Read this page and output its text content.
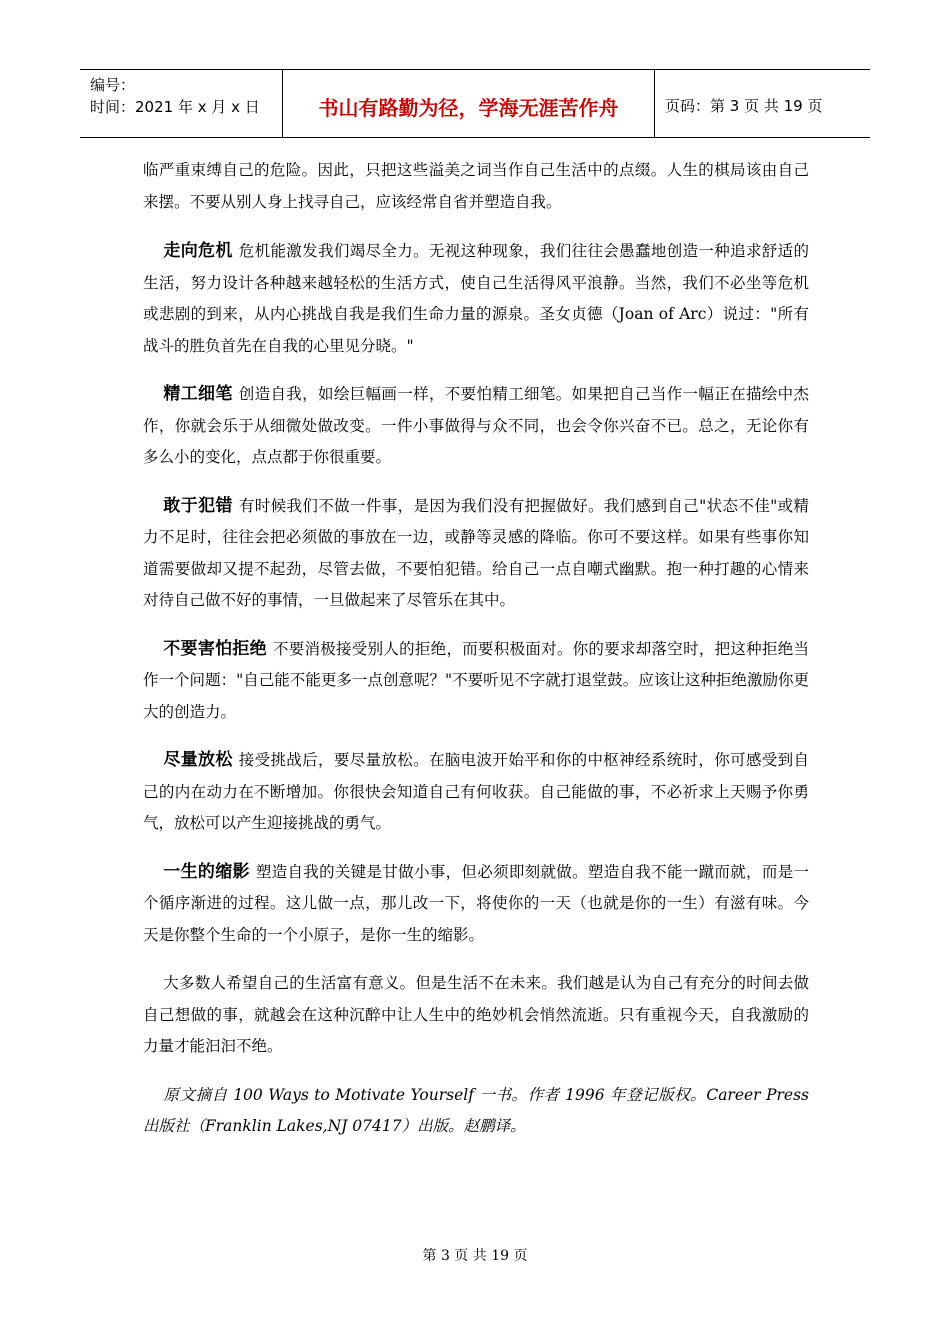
编号：
时间：2021 年 x 月 x 日	书山有路勤为径，学海无涯苦作舟	页码：第 3 页 共 19 页

临严重束缚自己的危险。因此，只把这些溢美之词当作自己生活中的点缀。人生的棋局该由自己来摆。不要从别人身上找寻自己，应该经常自省并塑造自我。

走向危机 危机能激发我们竭尽全力。无视这种现象，我们往往会愚蠢地创造一种追求舒适的生活，努力设计各种越来越轻松的生活方式，使自己生活得风平浪静。当然，我们不必坐等危机或悲剧的到来，从内心挑战自我是我们生命力量的源泉。圣女贞德（Joan of Arc）说过："所有战斗的胜负首先在自我的心里见分晓。"

精工细笔 创造自我，如绘巨幅画一样，不要怕精工细笔。如果把自己当作一幅正在描绘中杰作，你就会乐于从细微处做改变。一件小事做得与众不同，也会令你兴奋不已。总之，无论你有多么小的变化，点点都于你很重要。

敢于犯错 有时候我们不做一件事，是因为我们没有把握做好。我们感到自己"状态不佳"或精力不足时，往往会把必须做的事放在一边，或静等灵感的降临。你可不要这样。如果有些事你知道需要做却又提不起劲，尽管去做，不要怕犯错。给自己一点自嘲式幽默。抱一种打趣的心情来对待自己做不好的事情，一旦做起来了尽管乐在其中。

不要害怕拒绝 不要消极接受别人的拒绝，而要积极面对。你的要求却落空时，把这种拒绝当作一个问题："自己能不能更多一点创意呢？"不要听见不字就打退堂鼓。应该让这种拒绝激励你更大的创造力。

尽量放松 接受挑战后，要尽量放松。在脑电波开始平和你的中枢神经系统时，你可感受到自己的内在动力在不断增加。你很快会知道自己有何收获。自己能做的事，不必祈求上天赐予你勇气，放松可以产生迎接挑战的勇气。

一生的缩影 塑造自我的关键是甘做小事，但必须即刻就做。塑造自我不能一蹴而就，而是一个循序渐进的过程。这儿做一点，那儿改一下，将使你的一天（也就是你的一生）有滋有味。今天是你整个生命的一个小原子，是你一生的缩影。

大多数人希望自己的生活富有意义。但是生活不在未来。我们越是认为自己有充分的时间去做自己想做的事，就越会在这种沉醉中让人生中的绝妙机会悄然流逝。只有重视今天，自我激励的力量才能汩汩不绝。

原文摘自 100 Ways to Motivate Yourself 一书。作者 1996 年登记版权。Career Press 出版社（Franklin Lakes,NJ 07417）出版。赵鹏译。

第 3 页 共 19 页
